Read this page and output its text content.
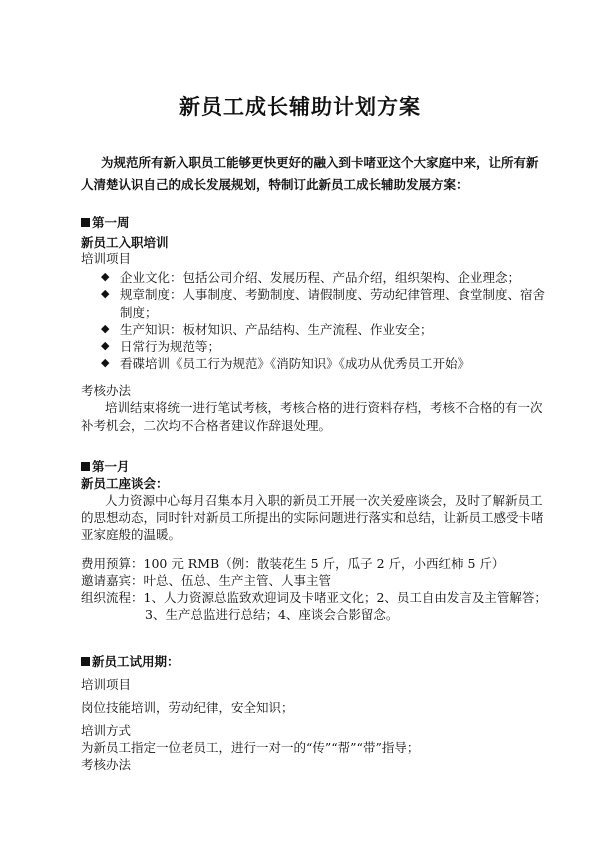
新员工成长辅助计划方案

为规范所有新入职员工能够更快更好的融入到卡啫亚这个大家庭中来，让所有新

人清楚认识自己的成长发展规划，特制订此新员工成长辅助发展方案：

第一周

新员工入职培训

培训项目

◆ 企业文化：包括公司介绍、发展历程、产品介绍，组织架构、企业理念；
◆ 规章制度：人事制度、考勤制度、请假制度、劳动纪律管理、食堂制度、宿舍
制度；
◆ 生产知识：板材知识、产品结构、生产流程、作业安全；
◆ 日常行为规范等；
◆ 看碟培训《员工行为规范》《消防知识》《成功从优秀员工开始》

考核办法

培训结束将统一进行笔试考核，考核合格的进行资料存档，考核不合格的有一次

补考机会，二次均不合格者建议作辞退处理。

第一月

新员工座谈会：

人力资源中心每月召集本月入职的新员工开展一次关爱座谈会，及时了解新员工

的思想动态，同时针对新员工所提出的实际问题进行落实和总结，让新员工感受卡啫

亚家庭般的温暖。

费用预算：100 元 RMB（例：散装花生 5 斤，瓜子 2 斤，小西红柿 5 斤）

邀请嘉宾：叶总、伍总、生产主管、人事主管

组织流程：1、人力资源总监致欢迎词及卡啫亚文化；2、员工自由发言及主管解答；

3、生产总监进行总结；4、座谈会合影留念。

新员工试用期：

培训项目

岗位技能培训，劳动纪律，安全知识；

培训方式

为新员工指定一位老员工，进行一对一的“传”“帮”“带”指导；

考核办法
